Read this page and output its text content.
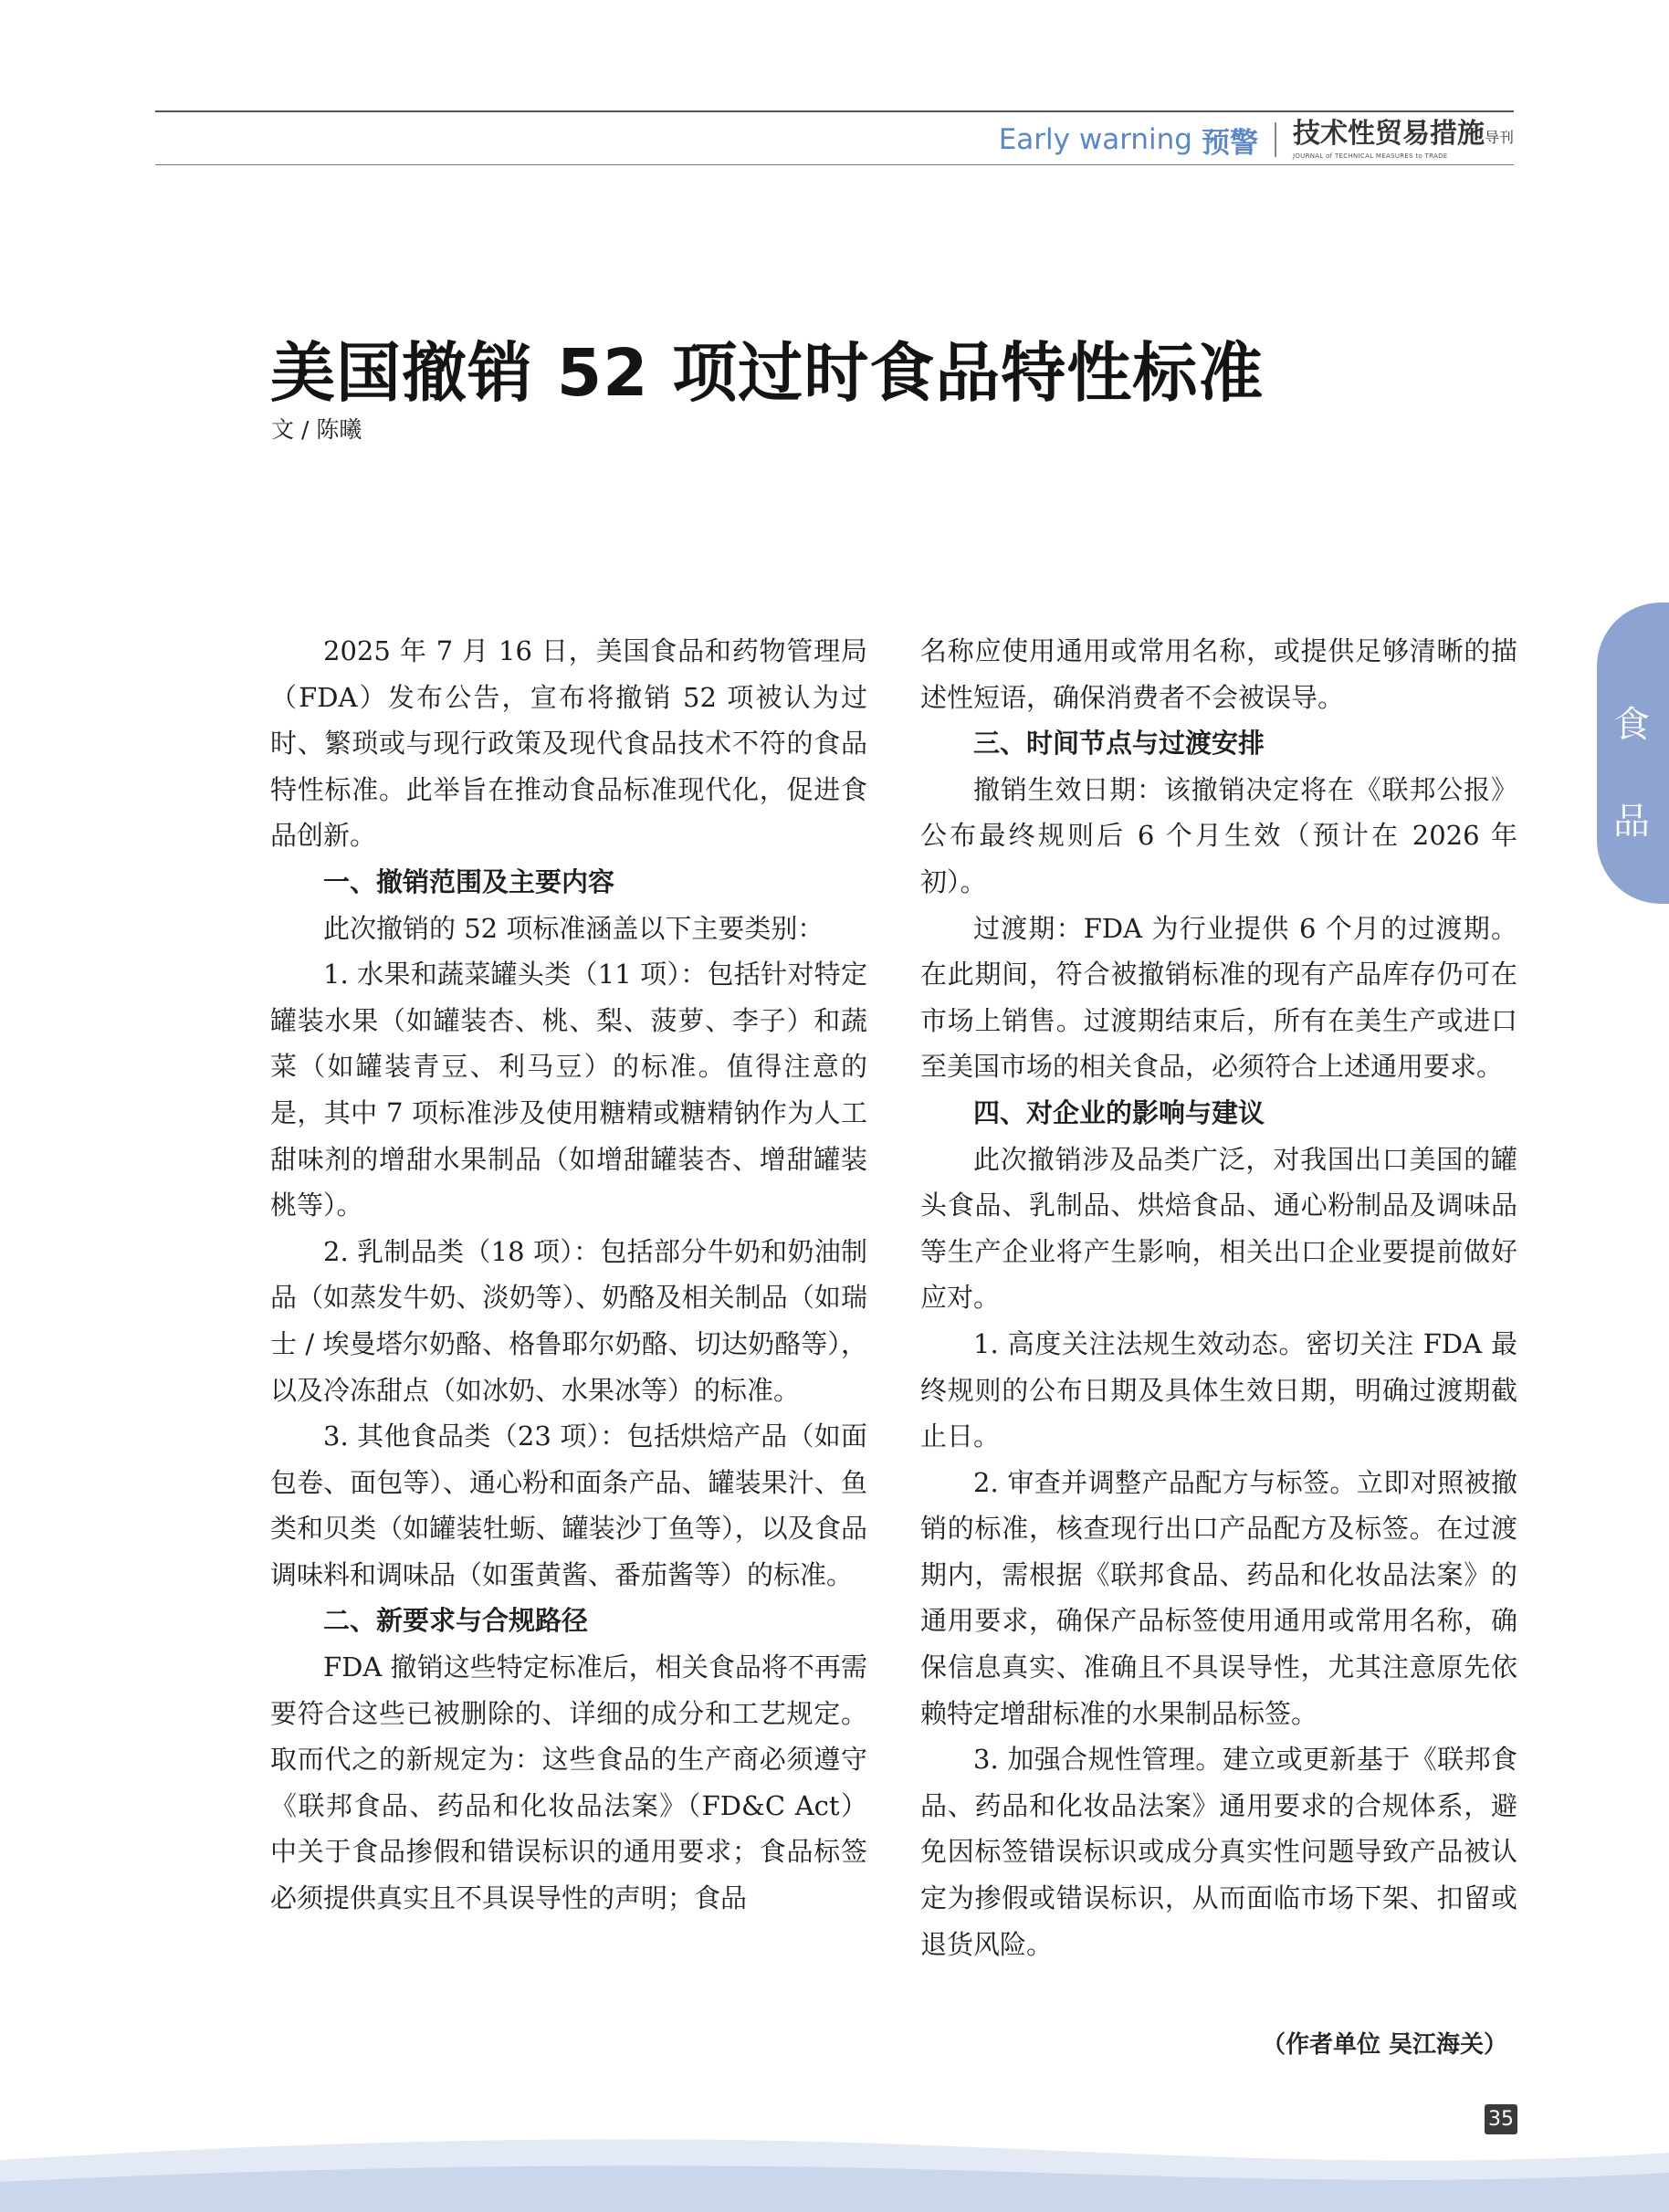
Early warning 预警 技术性贸易措施导刊
JOURNAL of TECHNICAL MEASURES to TRADE
食
品
美国撤销 52 项过时食品特性标准
文 / 陈曦

2025 年 7 月 16 日，美国食品和药物管理局（FDA）发布公告，宣布将撤销 52 项被认为过时、繁琐或与现行政策及现代食品技术不符的食品特性标准。此举旨在推动食品标准现代化，促进食品创新。

一、撤销范围及主要内容

此次撤销的 52 项标准涵盖以下主要类别：

1. 水果和蔬菜罐头类（11 项）：包括针对特定罐装水果（如罐装杏、桃、梨、菠萝、李子）和蔬菜（如罐装青豆、利马豆）的标准。值得注意的是，其中 7 项标准涉及使用糖精或糖精钠作为人工甜味剂的增甜水果制品（如增甜罐装杏、增甜罐装桃等）。

2. 乳制品类（18 项）：包括部分牛奶和奶油制品（如蒸发牛奶、淡奶等）、奶酪及相关制品（如瑞士 / 埃曼塔尔奶酪、格鲁耶尔奶酪、切达奶酪等），以及冷冻甜点（如冰奶、水果冰等）的标准。

3. 其他食品类（23 项）：包括烘焙产品（如面包卷、面包等）、通心粉和面条产品、罐装果汁、鱼类和贝类（如罐装牡蛎、罐装沙丁鱼等），以及食品调味料和调味品（如蛋黄酱、番茄酱等）的标准。

二、新要求与合规路径

FDA 撤销这些特定标准后，相关食品将不再需要符合这些已被删除的、详细的成分和工艺规定。取而代之的新规定为：这些食品的生产商必须遵守《联邦食品、药品和化妆品法案》（FD&C Act）中关于食品掺假和错误标识的通用要求；食品标签必须提供真实且不具误导性的声明；食品

名称应使用通用或常用名称，或提供足够清晰的描述性短语，确保消费者不会被误导。

三、时间节点与过渡安排

撤销生效日期：该撤销决定将在《联邦公报》公布最终规则后 6 个月生效（预计在 2026 年初）。

过渡期：FDA 为行业提供 6 个月的过渡期。在此期间，符合被撤销标准的现有产品库存仍可在市场上销售。过渡期结束后，所有在美生产或进口至美国市场的相关食品，必须符合上述通用要求。

四、对企业的影响与建议

此次撤销涉及品类广泛，对我国出口美国的罐头食品、乳制品、烘焙食品、通心粉制品及调味品等生产企业将产生影响，相关出口企业要提前做好应对。

1. 高度关注法规生效动态。密切关注 FDA 最终规则的公布日期及具体生效日期，明确过渡期截止日。

2. 审查并调整产品配方与标签。立即对照被撤销的标准，核查现行出口产品配方及标签。在过渡期内，需根据《联邦食品、药品和化妆品法案》的通用要求，确保产品标签使用通用或常用名称，确保信息真实、准确且不具误导性，尤其注意原先依赖特定增甜标准的水果制品标签。

3. 加强合规性管理。建立或更新基于《联邦食品、药品和化妆品法案》通用要求的合规体系，避免因标签错误标识或成分真实性问题导致产品被认定为掺假或错误标识，从而面临市场下架、扣留或退货风险。

（作者单位 吴江海关）
35
